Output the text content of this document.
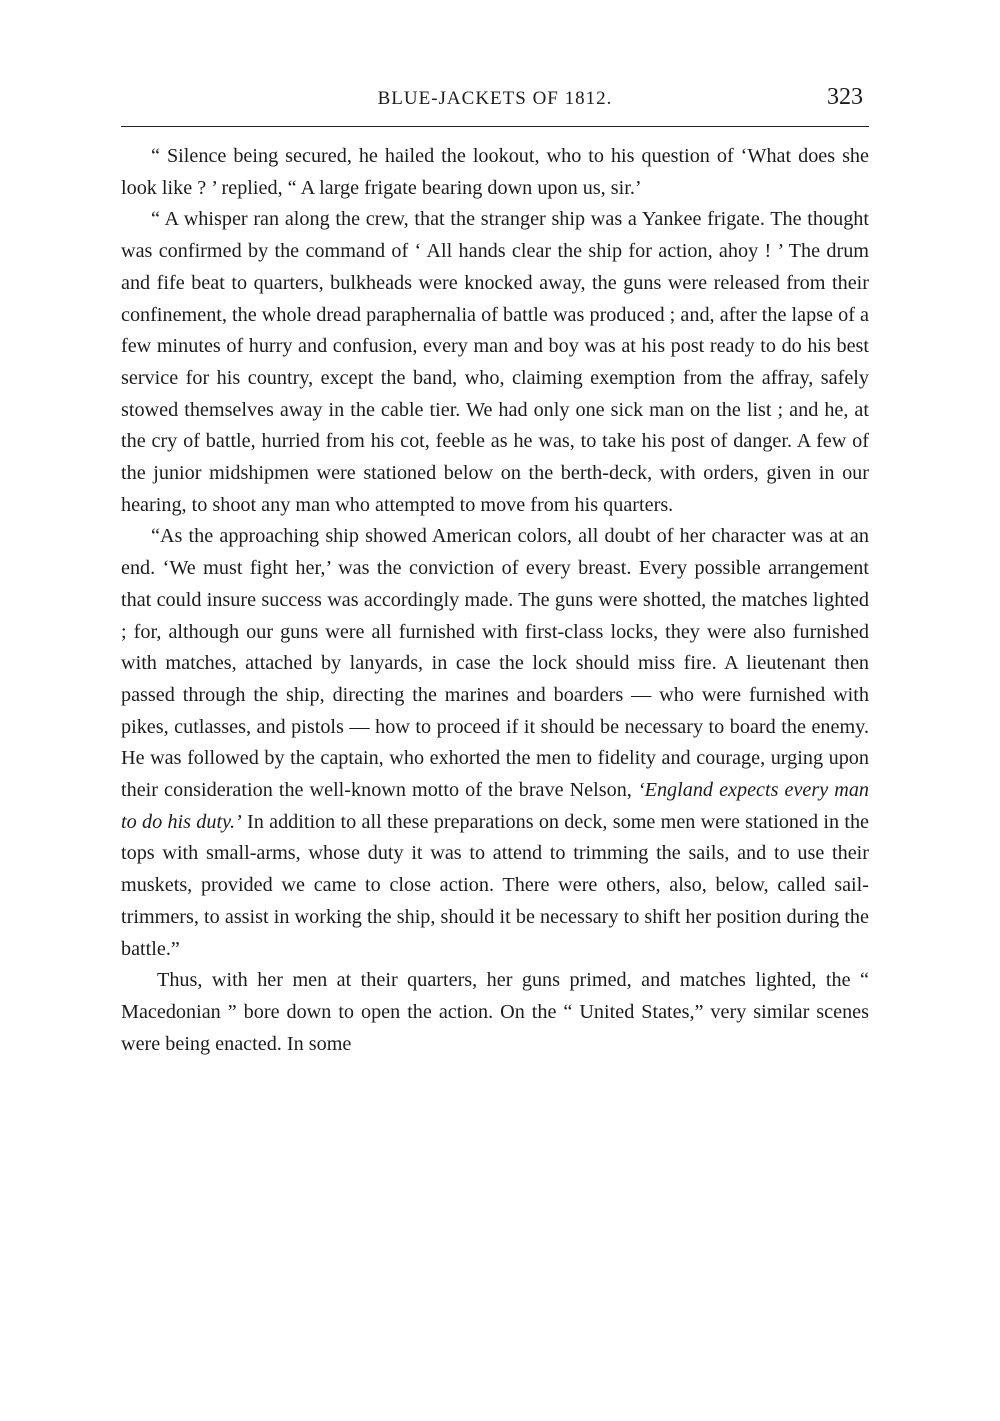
BLUE-JACKETS OF 1812.	323

“ Silence being secured, he hailed the lookout, who to his question of ‘What does she look like ? ’ replied, “ A large frigate bearing down upon us, sir.’

“ A whisper ran along the crew, that the stranger ship was a Yankee frigate. The thought was confirmed by the command of ‘ All hands clear the ship for action, ahoy ! ’ The drum and fife beat to quarters, bulkheads were knocked away, the guns were released from their confinement, the whole dread paraphernalia of battle was produced ; and, after the lapse of a few minutes of hurry and confusion, every man and boy was at his post ready to do his best service for his country, except the band, who, claiming exemption from the affray, safely stowed themselves away in the cable tier. We had only one sick man on the list ; and he, at the cry of battle, hurried from his cot, feeble as he was, to take his post of danger. A few of the junior midshipmen were stationed below on the berth-deck, with orders, given in our hearing, to shoot any man who attempted to move from his quarters.

“As the approaching ship showed American colors, all doubt of her character was at an end. ‘We must fight her,’ was the conviction of every breast. Every possible arrangement that could insure success was accordingly made. The guns were shotted, the matches lighted ; for, although our guns were all furnished with first-class locks, they were also furnished with matches, attached by lanyards, in case the lock should miss fire. A lieutenant then passed through the ship, directing the marines and boarders — who were furnished with pikes, cutlasses, and pistols — how to proceed if it should be necessary to board the enemy. He was followed by the captain, who exhorted the men to fidelity and courage, urging upon their consideration the well-known motto of the brave Nelson, ‘England expects every man to do his duty.’ In addition to all these preparations on deck, some men were stationed in the tops with small-arms, whose duty it was to attend to trimming the sails, and to use their muskets, provided we came to close action. There were others, also, below, called sail-trimmers, to assist in working the ship, should it be necessary to shift her position during the battle.”

Thus, with her men at their quarters, her guns primed, and matches lighted, the “ Macedonian ” bore down to open the action. On the “ United States,” very similar scenes were being enacted. In some
